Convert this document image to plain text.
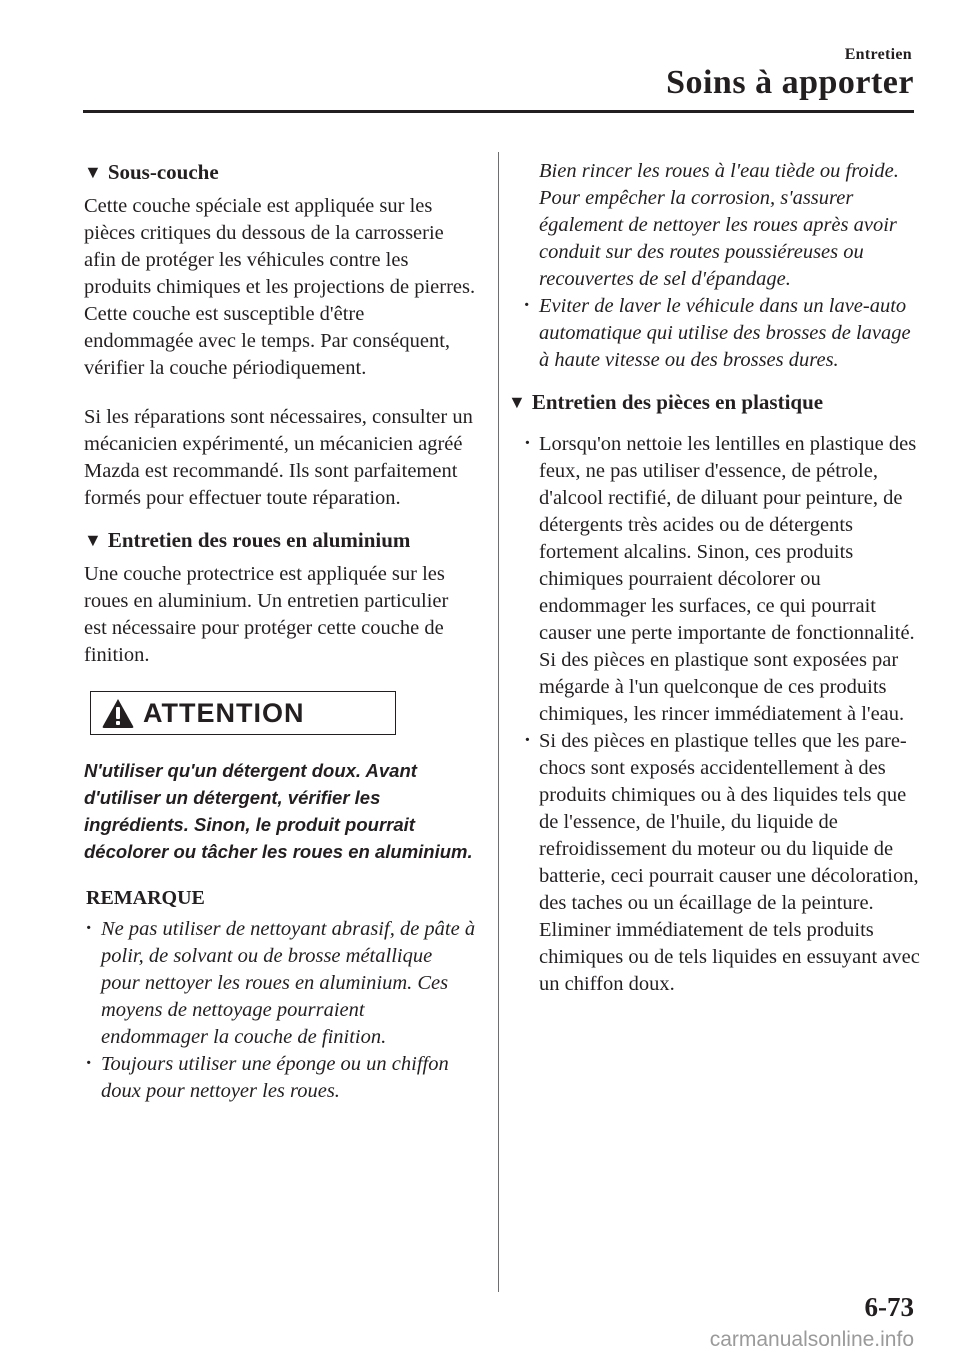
Entretien
Soins à apporter
▼ Sous-couche

Cette couche spéciale est appliquée sur les pièces critiques du dessous de la carrosserie afin de protéger les véhicules contre les produits chimiques et les projections de pierres. Cette couche est susceptible d'être endommagée avec le temps. Par conséquent, vérifier la couche périodiquement.

Si les réparations sont nécessaires, consulter un mécanicien expérimenté, un mécanicien agréé Mazda est recommandé. Ils sont parfaitement formés pour effectuer toute réparation.

▼ Entretien des roues en aluminium

Une couche protectrice est appliquée sur les roues en aluminium. Un entretien particulier est nécessaire pour protéger cette couche de finition.

ATTENTION

N'utiliser qu'un détergent doux. Avant d'utiliser un détergent, vérifier les ingrédients. Sinon, le produit pourrait décolorer ou tâcher les roues en aluminium.

REMARQUE
· Ne pas utiliser de nettoyant abrasif, de pâte à polir, de solvant ou de brosse métallique pour nettoyer les roues en aluminium. Ces moyens de nettoyage pourraient endommager la couche de finition.
· Toujours utiliser une éponge ou un chiffon doux pour nettoyer les roues.

Bien rincer les roues à l'eau tiède ou froide. Pour empêcher la corrosion, s'assurer également de nettoyer les roues après avoir conduit sur des routes poussiéreuses ou recouvertes de sel d'épandage.

· Eviter de laver le véhicule dans un lave-auto automatique qui utilise des brosses de lavage à haute vitesse ou des brosses dures.
▼ Entretien des pièces en plastique
· Lorsqu'on nettoie les lentilles en plastique des feux, ne pas utiliser d'essence, de pétrole, d'alcool rectifié, de diluant pour peinture, de détergents très acides ou de détergents fortement alcalins. Sinon, ces produits chimiques pourraient décolorer ou endommager les surfaces, ce qui pourrait causer une perte importante de fonctionnalité. Si des pièces en plastique sont exposées par mégarde à l'un quelconque de ces produits chimiques, les rincer immédiatement à l'eau.
· Si des pièces en plastique telles que les pare-chocs sont exposés accidentellement à des produits chimiques ou à des liquides tels que de l'essence, de l'huile, du liquide de refroidissement du moteur ou du liquide de batterie, ceci pourrait causer une décoloration, des taches ou un écaillage de la peinture. Eliminer immédiatement de tels produits chimiques ou de tels liquides en essuyant avec un chiffon doux.
6-73
carmanualsonline.info
